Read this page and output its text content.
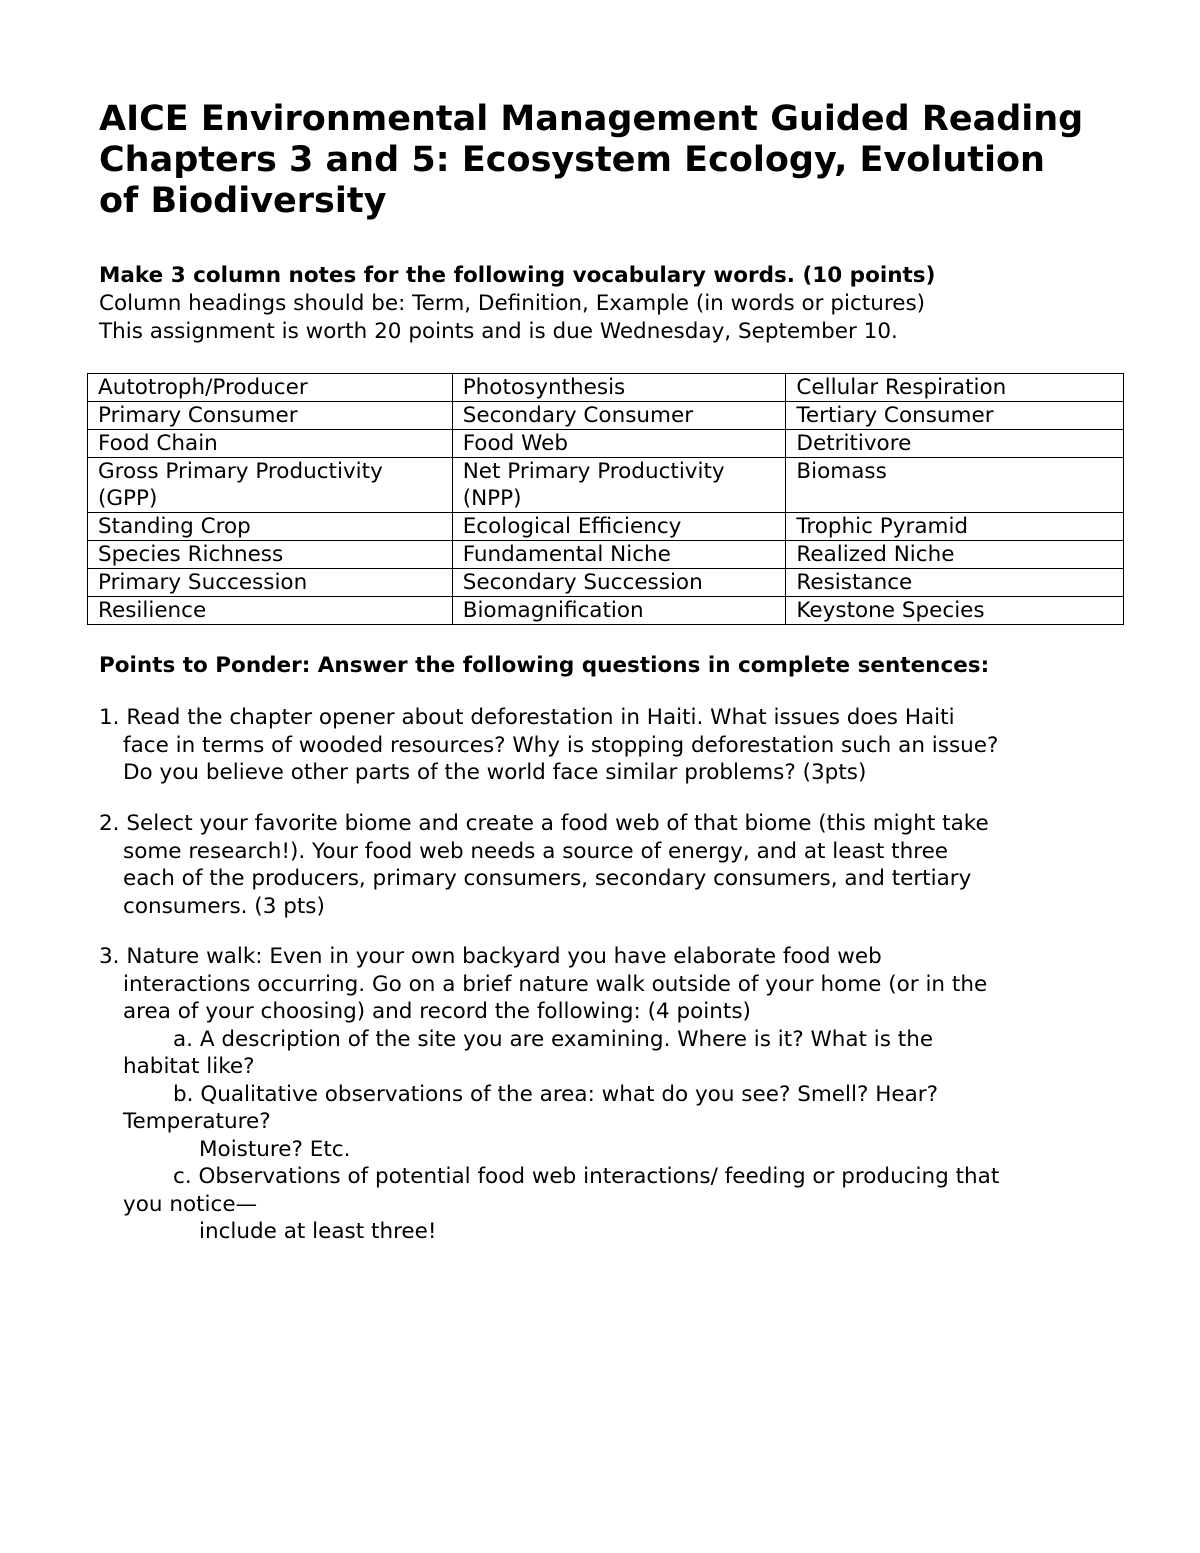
AICE Environmental Management Guided Reading
Chapters 3 and 5: Ecosystem Ecology, Evolution
of Biodiversity
Make 3 column notes for the following vocabulary words. (10 points)
Column headings should be: Term, Definition, Example (in words or pictures)
This assignment is worth 20 points and is due Wednesday, September 10.
Autotroph/Producer	Photosynthesis	Cellular Respiration
Primary Consumer	Secondary Consumer	Tertiary Consumer
Food Chain	Food Web	Detritivore
Gross Primary Productivity (GPP)	Net Primary Productivity (NPP)	Biomass
Standing Crop	Ecological Efficiency	Trophic Pyramid
Species Richness	Fundamental Niche	Realized Niche
Primary Succession	Secondary Succession	Resistance
Resilience	Biomagnification	Keystone Species
Points to Ponder: Answer the following questions in complete sentences:
1. Read the chapter opener about deforestation in Haiti. What issues does Haiti
face in terms of wooded resources? Why is stopping deforestation such an issue?
Do you believe other parts of the world face similar problems? (3pts)
2. Select your favorite biome and create a food web of that biome (this might take
some research!). Your food web needs a source of energy, and at least three
each of the producers, primary consumers, secondary consumers, and tertiary
consumers. (3 pts)
3. Nature walk: Even in your own backyard you have elaborate food web
interactions occurring. Go on a brief nature walk outside of your home (or in the
area of your choosing) and record the following: (4 points)
a. A description of the site you are examining. Where is it? What is the
habitat like?
b. Qualitative observations of the area: what do you see? Smell? Hear?
Temperature?
Moisture? Etc.
c. Observations of potential food web interactions/ feeding or producing that
you notice—
include at least three!
